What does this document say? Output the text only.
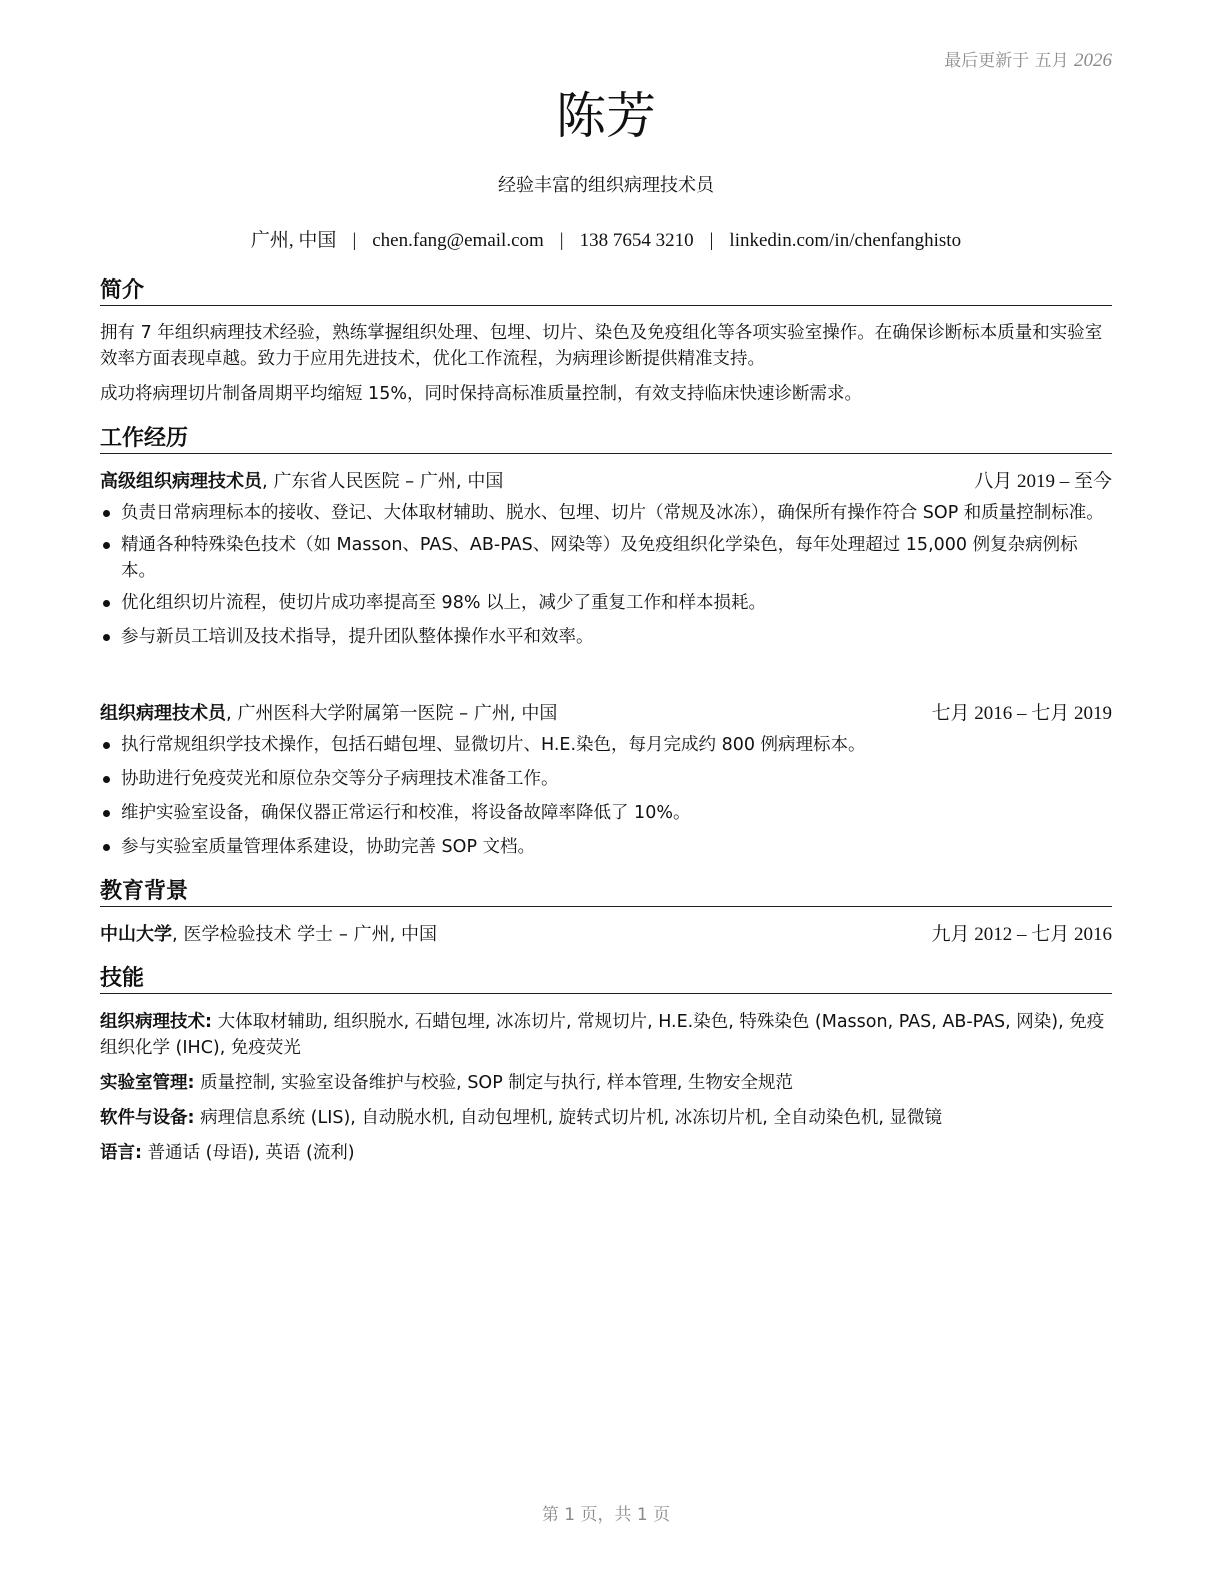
最后更新于 五月 2026
陈芳
经验丰富的组织病理技术员
广州, 中国 | chen.fang@email.com | 138 7654 3210 | linkedin.com/in/chenfanghisto
简介

拥有 7 年组织病理技术经验，熟练掌握组织处理、包埋、切片、染色及免疫组化等各项实验室操作。在确保诊断标本质量和实验室效率方面表现卓越。致力于应用先进技术，优化工作流程，为病理诊断提供精准支持。

成功将病理切片制备周期平均缩短 15%，同时保持高标准质量控制，有效支持临床快速诊断需求。

工作经历
高级组织病理技术员, 广东省人民医院 – 广州, 中国	八月 2019 – 至今
负责日常病理标本的接收、登记、大体取材辅助、脱水、包埋、切片（常规及冰冻），确保所有操作符合 SOP 和质量控制标准。
精通各种特殊染色技术（如 Masson、PAS、AB-PAS、网染等）及免疫组织化学染色，每年处理超过 15,000 例复杂病例标本。
优化组织切片流程，使切片成功率提高至 98% 以上，减少了重复工作和样本损耗。
参与新员工培训及技术指导，提升团队整体操作水平和效率。
组织病理技术员, 广州医科大学附属第一医院 – 广州, 中国	七月 2016 – 七月 2019
执行常规组织学技术操作，包括石蜡包埋、显微切片、H.E.染色，每月完成约 800 例病理标本。
协助进行免疫荧光和原位杂交等分子病理技术准备工作。
维护实验室设备，确保仪器正常运行和校准，将设备故障率降低了 10%。
参与实验室质量管理体系建设，协助完善 SOP 文档。
教育背景
中山大学, 医学检验技术 学士 – 广州, 中国	九月 2012 – 七月 2016
技能
组织病理技术: 大体取材辅助, 组织脱水, 石蜡包埋, 冰冻切片, 常规切片, H.E.染色, 特殊染色 (Masson, PAS, AB-PAS, 网染), 免疫组织化学 (IHC), 免疫荧光
实验室管理: 质量控制, 实验室设备维护与校验, SOP 制定与执行, 样本管理, 生物安全规范
软件与设备: 病理信息系统 (LIS), 自动脱水机, 自动包埋机, 旋转式切片机, 冰冻切片机, 全自动染色机, 显微镜
语言: 普通话 (母语), 英语 (流利)
第 1 页，共 1 页
